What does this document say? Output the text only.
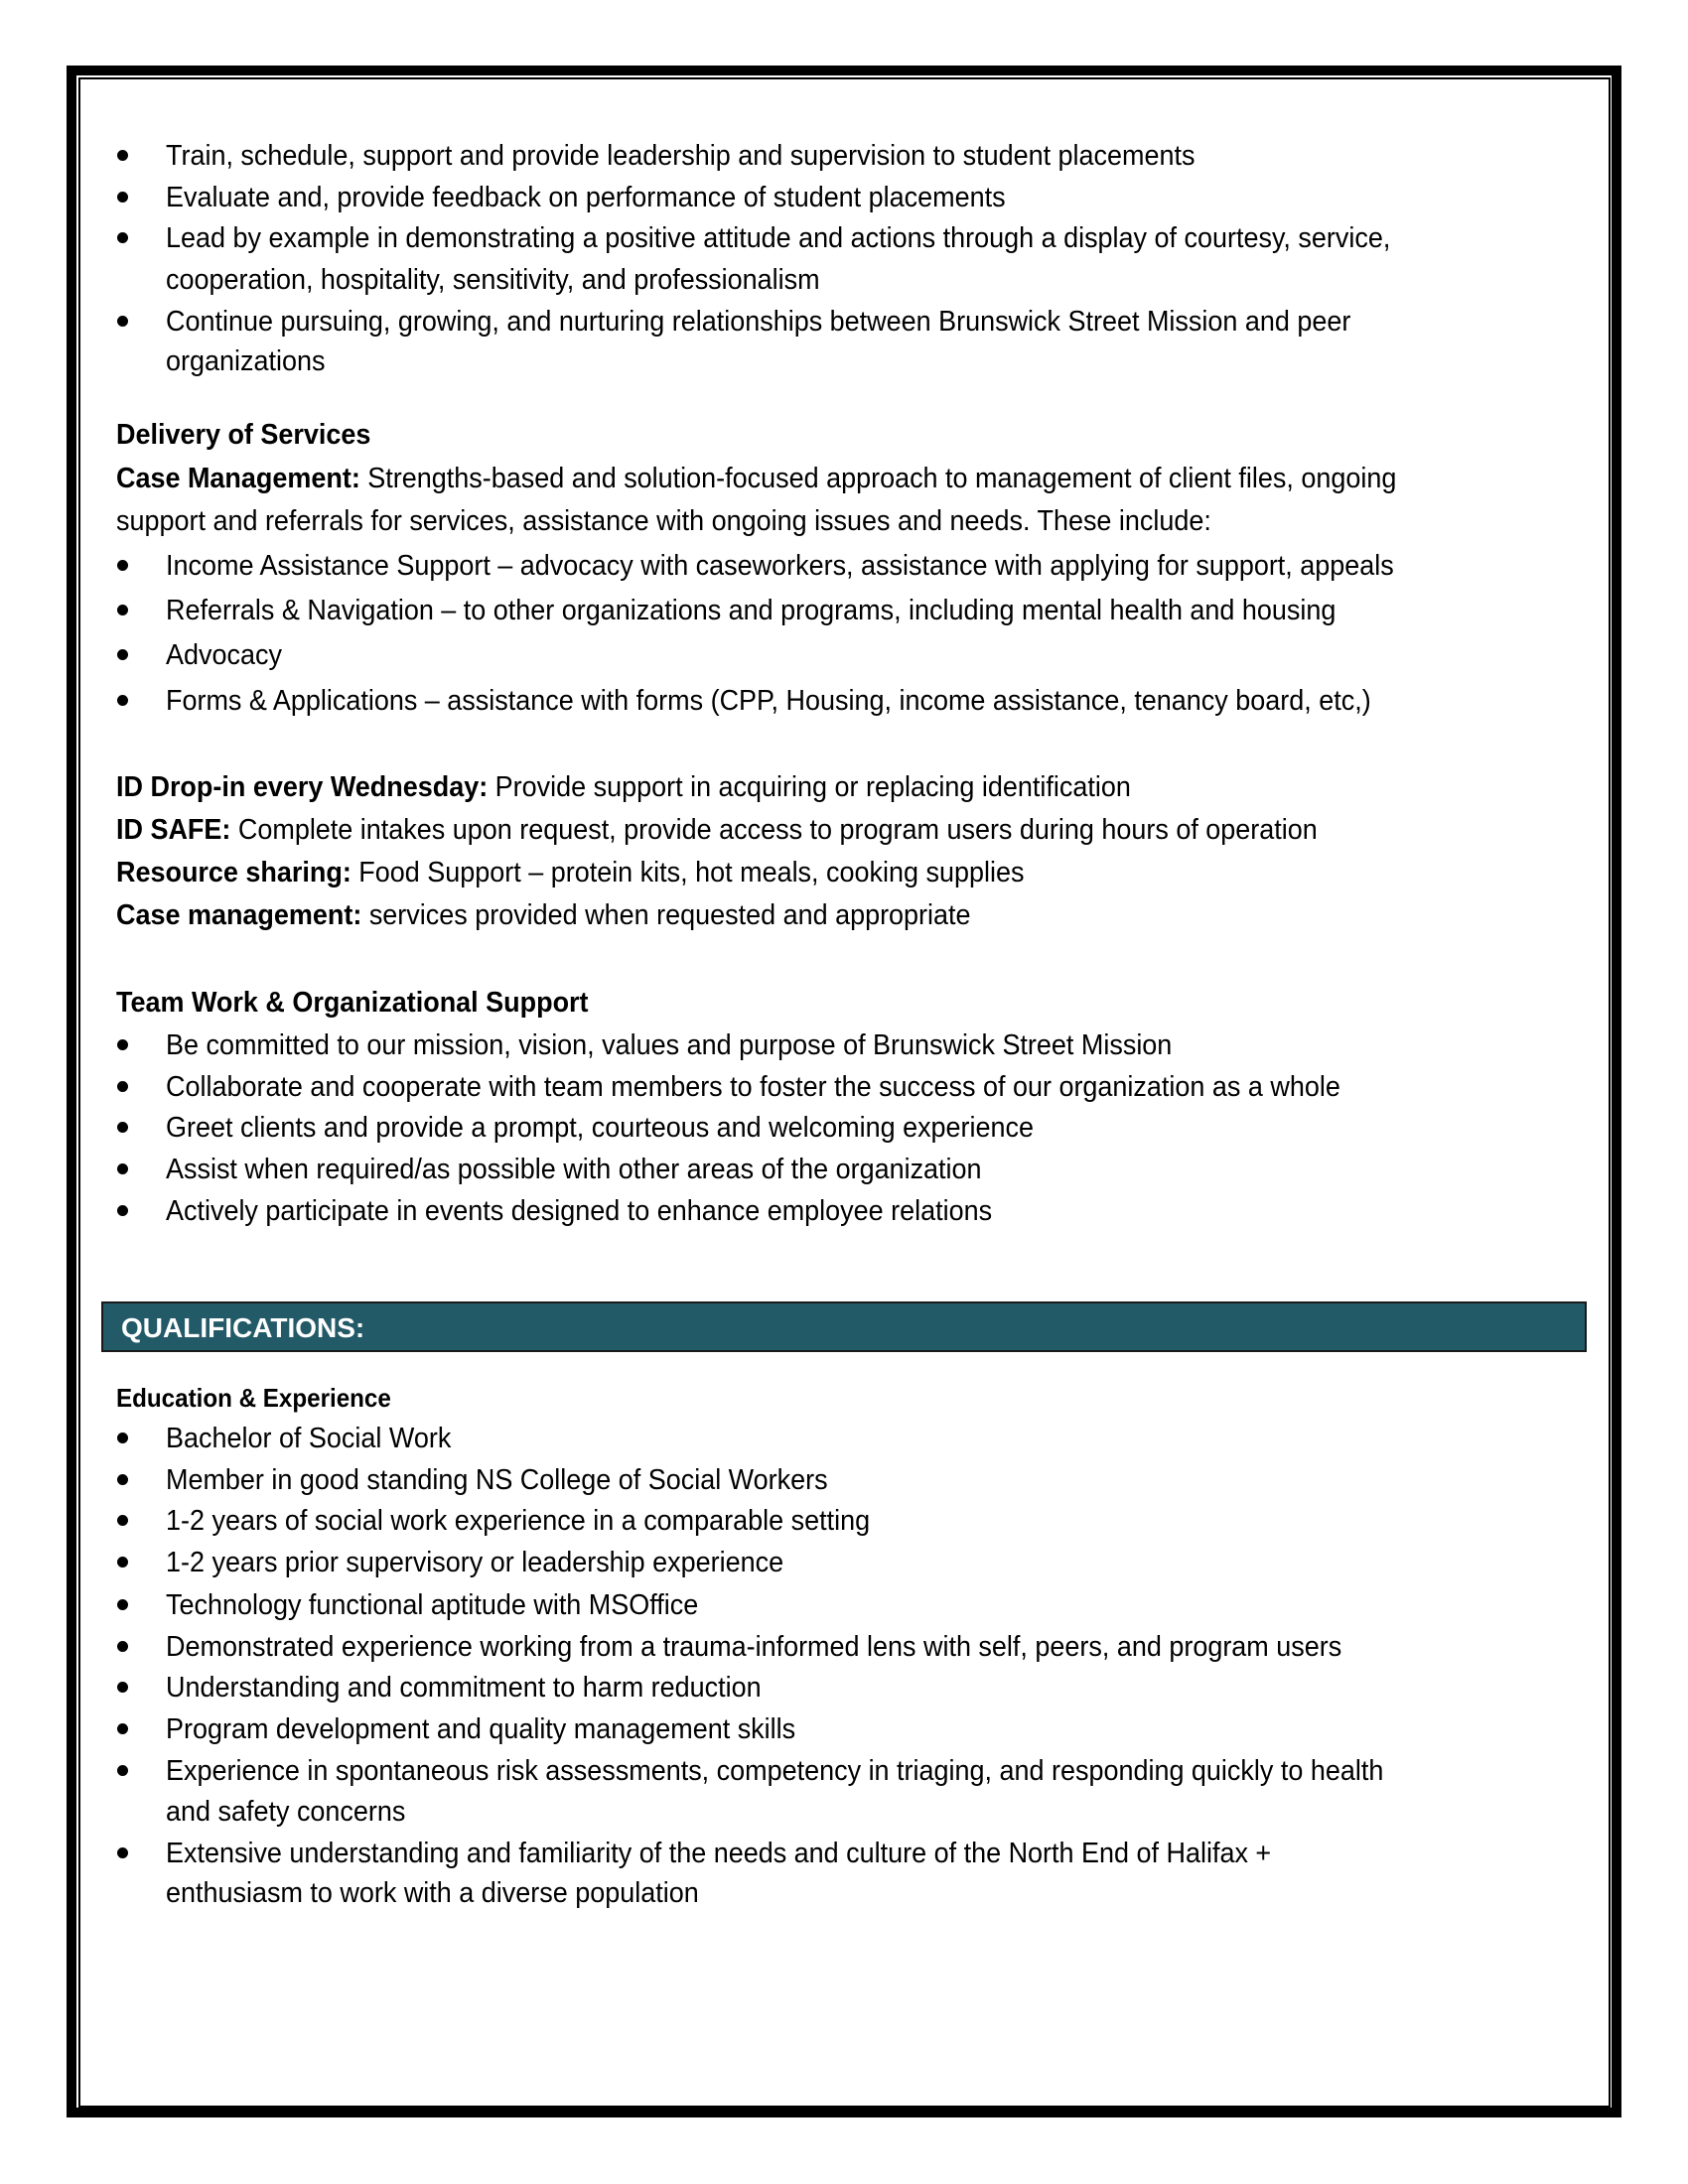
Train, schedule, support and provide leadership and supervision to student placements
Evaluate and, provide feedback on performance of student placements
Lead by example in demonstrating a positive attitude and actions through a display of courtesy, service,
cooperation, hospitality, sensitivity, and professionalism
Continue pursuing, growing, and nurturing relationships between Brunswick Street Mission and peer
organizations
Delivery of Services
Case Management: Strengths-based and solution-focused approach to management of client files, ongoing
support and referrals for services, assistance with ongoing issues and needs. These include:
Income Assistance Support – advocacy with caseworkers, assistance with applying for support, appeals
Referrals & Navigation – to other organizations and programs, including mental health and housing
Advocacy
Forms & Applications – assistance with forms (CPP, Housing, income assistance, tenancy board, etc,)
ID Drop-in every Wednesday: Provide support in acquiring or replacing identification
ID SAFE: Complete intakes upon request, provide access to program users during hours of operation
Resource sharing: Food Support – protein kits, hot meals, cooking supplies
Case management: services provided when requested and appropriate
Team Work & Organizational Support
Be committed to our mission, vision, values and purpose of Brunswick Street Mission
Collaborate and cooperate with team members to foster the success of our organization as a whole
Greet clients and provide a prompt, courteous and welcoming experience
Assist when required/as possible with other areas of the organization
Actively participate in events designed to enhance employee relations
QUALIFICATIONS:
Education & Experience
Bachelor of Social Work
Member in good standing NS College of Social Workers
1-2 years of social work experience in a comparable setting
1-2 years prior supervisory or leadership experience
Technology functional aptitude with MSOffice
Demonstrated experience working from a trauma-informed lens with self, peers, and program users
Understanding and commitment to harm reduction
Program development and quality management skills
Experience in spontaneous risk assessments, competency in triaging, and responding quickly to health
and safety concerns
Extensive understanding and familiarity of the needs and culture of the North End of Halifax +
enthusiasm to work with a diverse population
